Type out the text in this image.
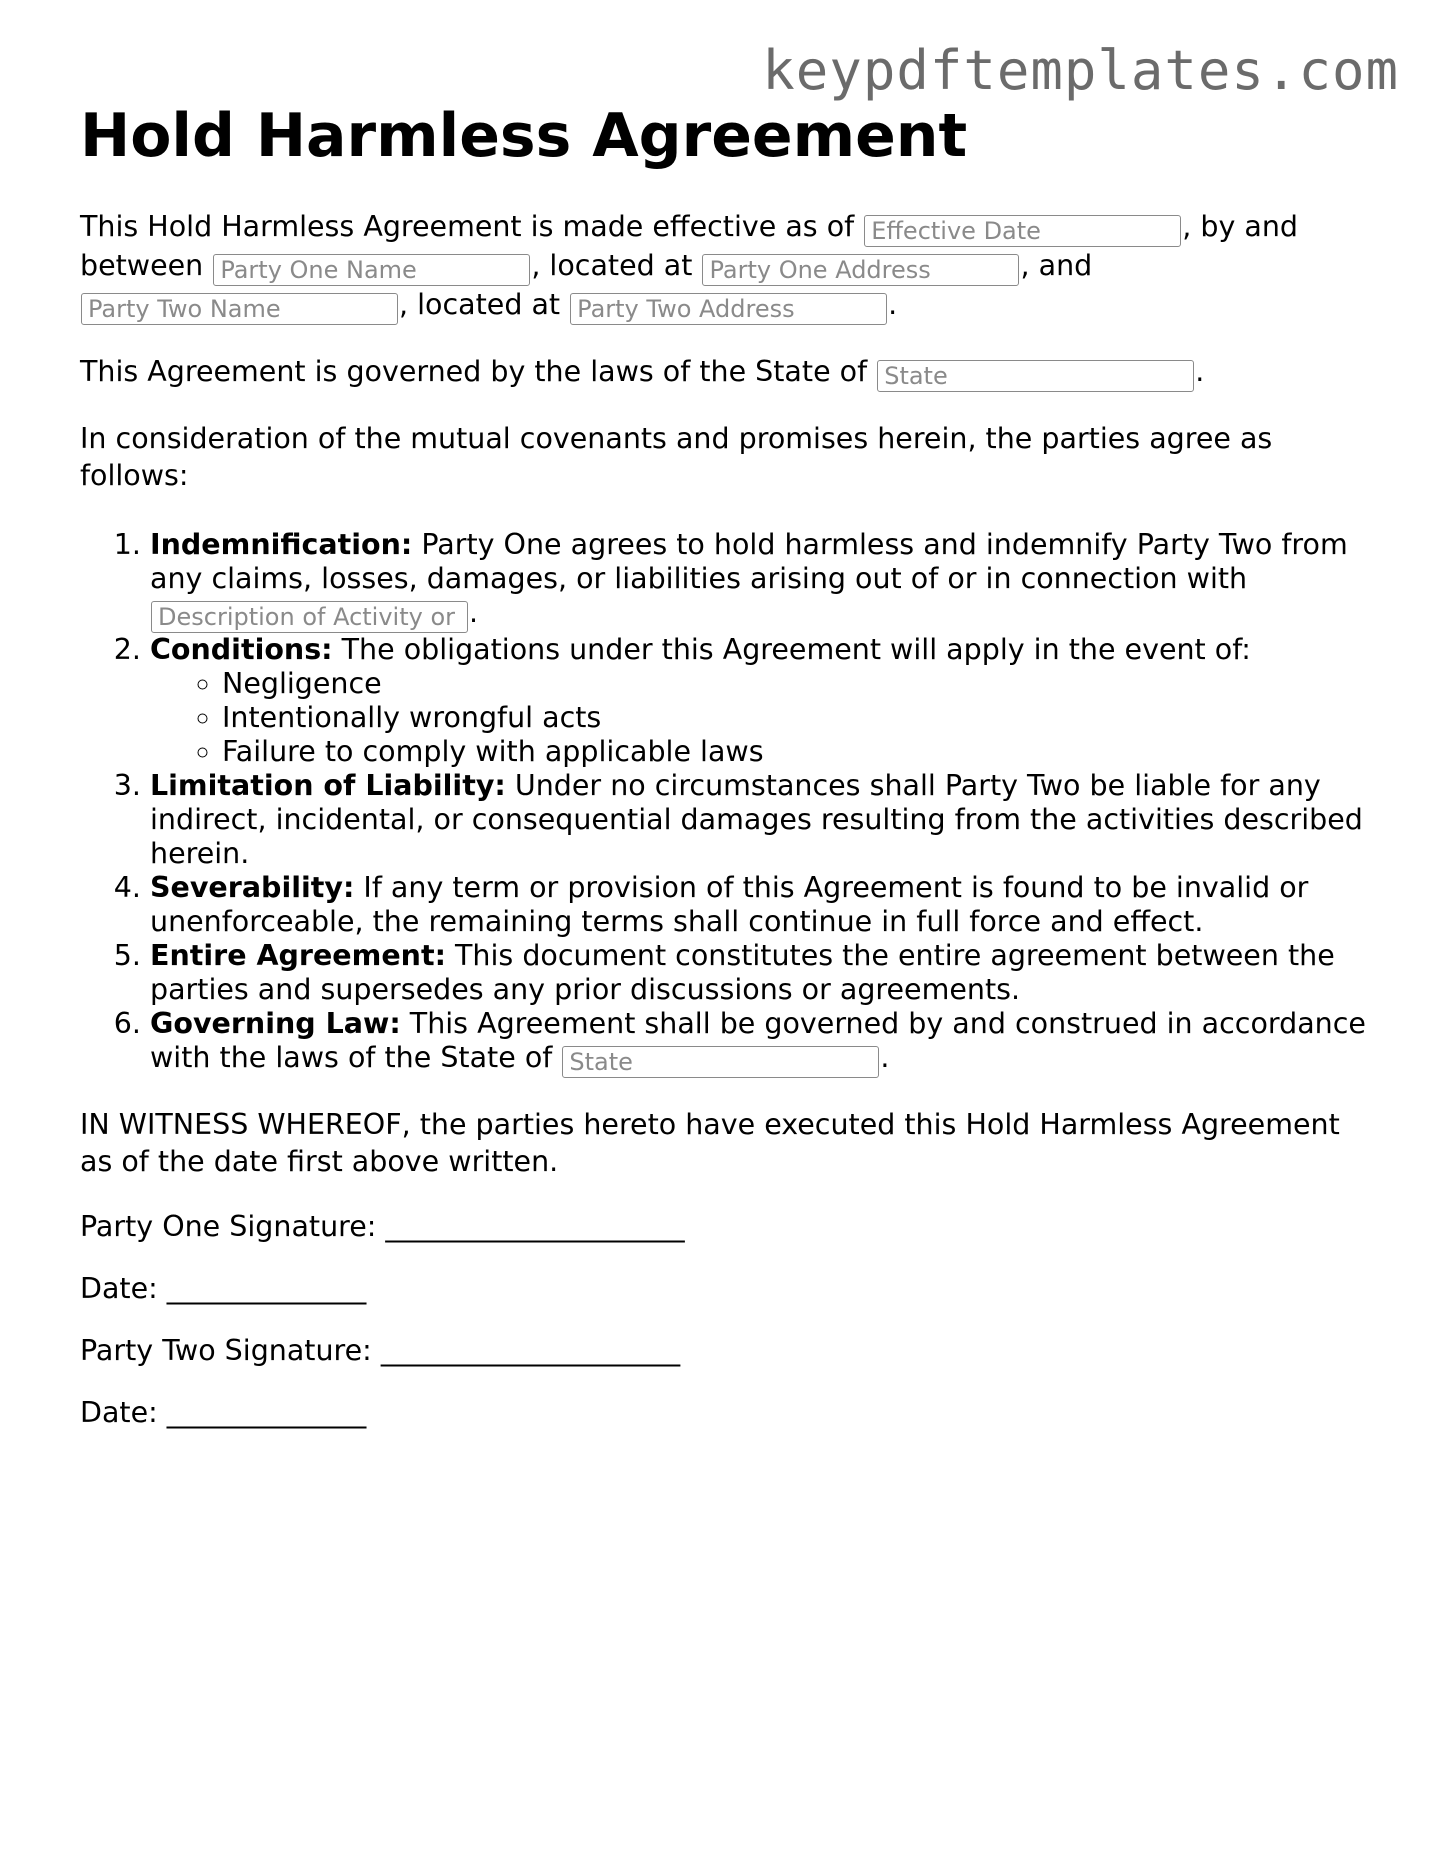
keypdftemplates.com
Hold Harmless Agreement

This Hold Harmless Agreement is made effective as of Effective Date	, by and between Party One Name	, located at Party One Address	, and Party Two Name, located at Party Two Address	.

This Agreement is governed by the laws of the State of State	.

In consideration of the mutual covenants and promises herein, the parties agree as follows:

1. Indemnification: Party One agrees to hold harmless and indemnify Party Two from any claims, losses, damages, or liabilities arising out of or in connection with Description of Activity or Event.
2. Conditions: The obligations under this Agreement will apply in the event of:
◦ Negligence
◦ Intentionally wrongful acts
◦ Failure to comply with applicable laws
3. Limitation of Liability: Under no circumstances shall Party Two be liable for any indirect, incidental, or consequential damages resulting from the activities described herein.
4. Severability: If any term or provision of this Agreement is found to be invalid or unenforceable, the remaining terms shall continue in full force and effect.
5. Entire Agreement: This document constitutes the entire agreement between the parties and supersedes any prior discussions or agreements.
6. Governing Law: This Agreement shall be governed by and construed in accordance with the laws of the State of State	.

IN WITNESS WHEREOF, the parties hereto have executed this Hold Harmless Agreement as of the date first above written.

Party One Signature: _____________________

Date: ______________

Party Two Signature: _____________________

Date: ______________
